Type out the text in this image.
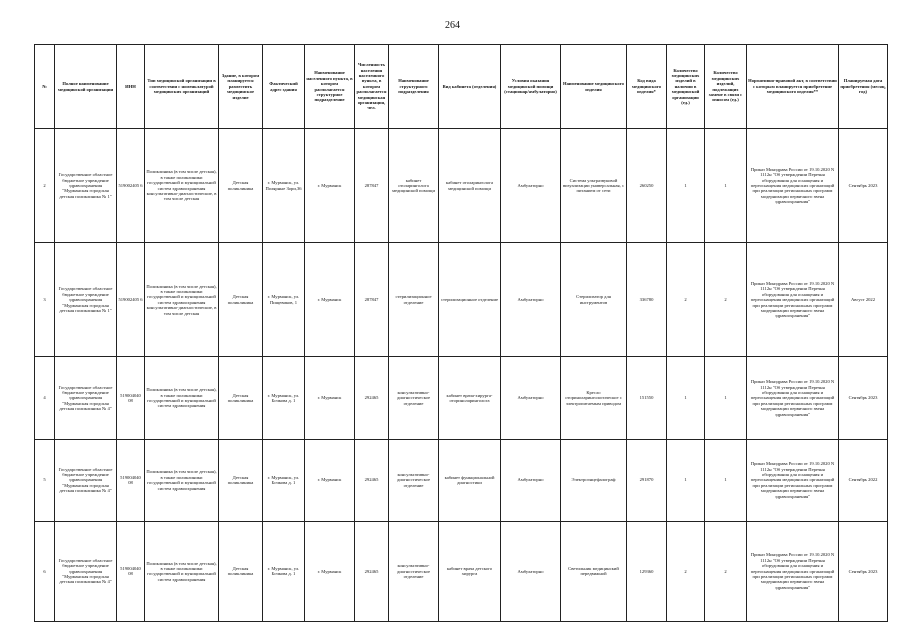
264
№	Полное наименование медицинской организации	ИНН	Тип медицинской организации в соответствии с номенклатурой медицинских организаций	Здание, в котором планируется разместить медицинское изделие	Фактический адрес здания	Наименование населенного пункта, в котором располагается структурное подразделение	Численность населения населенного пункта, в котором располагается медицинская организация, чел.	Наименование структурного подразделения	Вид кабинета (отделения)	Условия оказания медицинской помощи (стационар/амбулаторно)	Наименование медицинского изделия	Код вида медицинского изделия*	Количество медицинских изделий в наличии в медицинской организации (ед.)	Количество медицинских изделий, подлежащих замене в связи с износом (ед.)	Нормативно-правовой акт, в соответствии с которым планируется приобретение медицинского изделия**	Планируемая дата приобретения (месяц, год)
2	Государственное областное бюджетное учреждение здравоохранения "Мурманская городская детская поликлиника № 1"	519002405 6	Поликлиника (в том числе детская), в также поликлиники государственной и муниципальной систем здравоохранения консультативно-диагностические, в том числе детская	Детская поликлиника	г. Мурманск, ул. Полярные Зори,36	г. Мурманск	287847	кабинет отоларинголога медицинской помощи	кабинет отоларинголога медицинской помощи	Амбулаторно	Система ультразвуковой визуализации универсальная, с питанием от сети	260250	1	1	Приказ Минздрава России от 19.10.2020 N 1112н "Об утверждении Перечня оборудования для оснащения и переоснащения медицинских организаций при реализации региональных программ модернизации первичного звена здравоохранения"	Сентябрь 2023
3	Государственное областное бюджетное учреждение здравоохранения "Мурманская городская детская поликлиника № 1"	519002405 6	Поликлиника (в том числе детская), в также поликлиники государственной и муниципальной систем здравоохранения консультативно-диагностические, в том числе детская	Детская поликлиника	г. Мурманск, ул. Пищевиков, 1	г. Мурманск	287847	стерилизационное отделение	стерилизационное отделение	Амбулаторно	Стерилизатор для инструментов	336780	2	2	Приказ Минздрава России от 19.10.2020 N 1112н "Об утверждении Перечня оборудования для оснащения и переоснащения медицинских организаций при реализации региональных программ модернизации первичного звена здравоохранения"	Август 2022
4	Государственное областное бюджетное учреждение здравоохранения "Мурманская городская детская поликлиника № 4"	519004040 08	Поликлиника (в том числе детская), в также поликлиники государственной и муниципальной систем здравоохранения	Детская поликлиника	г. Мурманск, ул. Бочкова д. 1	г. Мурманск	292465	консультативно-диагностическое отделение	кабинет врача-хирурга-оториноларинголога	Амбулаторно	Кресло оториноларингологическое с электропитаемым приводом	151550	1	1	Приказ Минздрава России от 19.10.2020 N 1112н "Об утверждении Перечня оборудования для оснащения и переоснащения медицинских организаций при реализации региональных программ модернизации первичного звена здравоохранения"	Сентябрь 2023
5	Государственное областное бюджетное учреждение здравоохранения "Мурманская городская детская поликлиника № 4"	519004040 08	Поликлиника (в том числе детская), в также поликлиники государственной и муниципальной систем здравоохранения	Детская поликлиника	г. Мурманск, ул. Бочкова д. 1	г. Мурманск	292465	консультативно-диагностическое отделение	кабинет функциональной диагностики	Амбулаторно	Электроэнцефалограф	291870	1	1	Приказ Минздрава России от 19.10.2020 N 1112н "Об утверждении Перечня оборудования для оснащения и переоснащения медицинских организаций при реализации региональных программ модернизации первичного звена здравоохранения"	Сентябрь 2022
6	Государственное областное бюджетное учреждение здравоохранения "Мурманская городская детская поликлиника № 4"	519004040 08	Поликлиника (в том числе детская), в также поликлиники государственной и муниципальной систем здравоохранения	Детская поликлиника	г. Мурманск, ул. Бочкова д. 1	г. Мурманск	292465	консультативно-диагностическое отделение	кабинет врача детского хирурга	Амбулаторно	Светильник медицинский передвижной	129360	2	2	Приказ Минздрава России от 19.10.2020 N 1112н "Об утверждении Перечня оборудования для оснащения и переоснащения медицинских организаций при реализации региональных программ модернизации первичного звена здравоохранения"	Сентябрь 2023
